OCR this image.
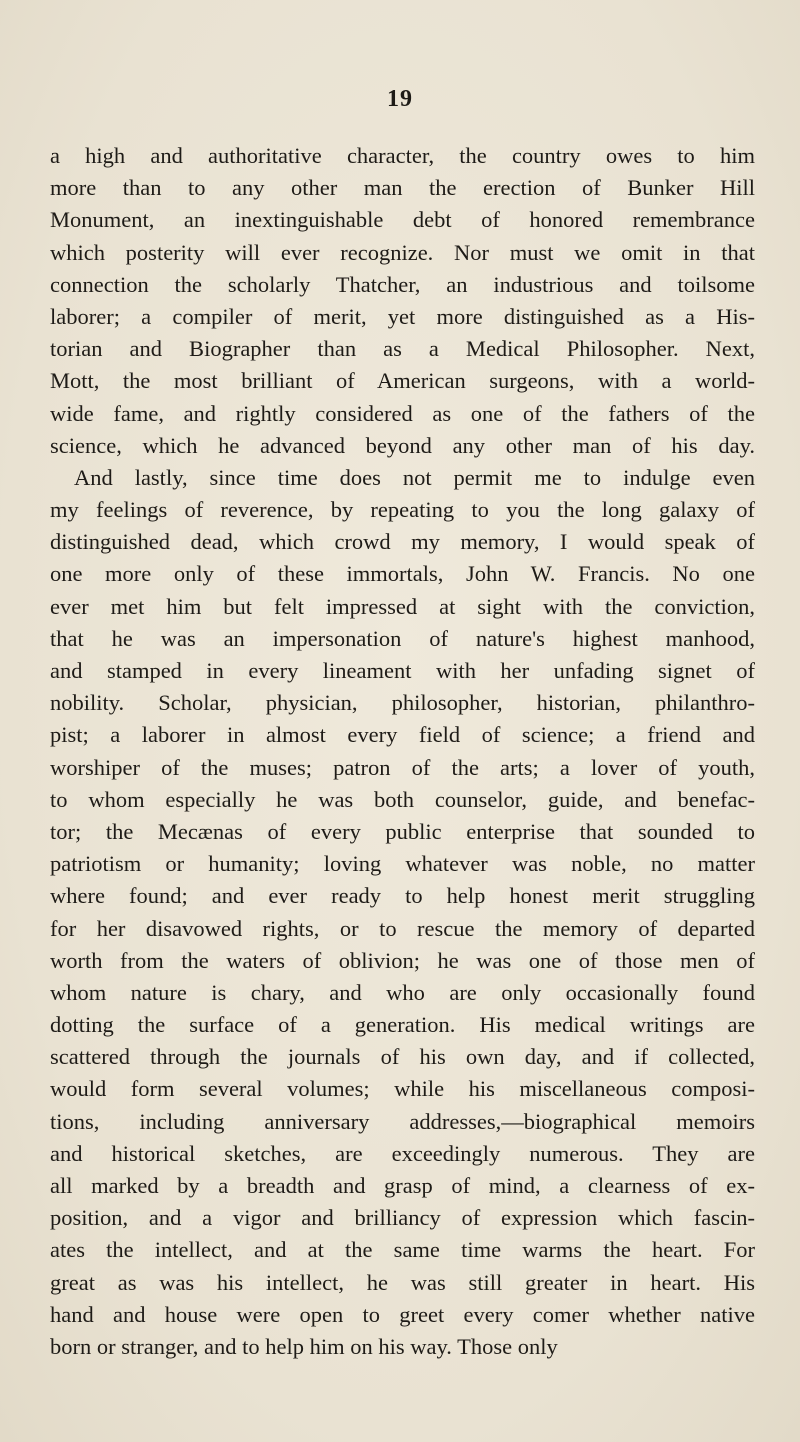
19
a high and authoritative character, the country owes to him
more than to any other man the erection of Bunker Hill
Monument, an inextinguishable debt of honored remembrance
which posterity will ever recognize. Nor must we omit in that
connection the scholarly Thatcher, an industrious and toilsome
laborer; a compiler of merit, yet more distinguished as a His-
torian and Biographer than as a Medical Philosopher. Next,
Mott, the most brilliant of American surgeons, with a world-
wide fame, and rightly considered as one of the fathers of the
science, which he advanced beyond any other man of his day.
And lastly, since time does not permit me to indulge even
my feelings of reverence, by repeating to you the long galaxy of
distinguished dead, which crowd my memory, I would speak of
one more only of these immortals, John W. Francis. No one
ever met him but felt impressed at sight with the conviction,
that he was an impersonation of nature's highest manhood,
and stamped in every lineament with her unfading signet of
nobility. Scholar, physician, philosopher, historian, philanthro-
pist; a laborer in almost every field of science; a friend and
worshiper of the muses; patron of the arts; a lover of youth,
to whom especially he was both counselor, guide, and benefac-
tor; the Mecænas of every public enterprise that sounded to
patriotism or humanity; loving whatever was noble, no matter
where found; and ever ready to help honest merit struggling
for her disavowed rights, or to rescue the memory of departed
worth from the waters of oblivion; he was one of those men of
whom nature is chary, and who are only occasionally found
dotting the surface of a generation. His medical writings are
scattered through the journals of his own day, and if collected,
would form several volumes; while his miscellaneous composi-
tions, including anniversary addresses,—biographical memoirs
and historical sketches, are exceedingly numerous. They are
all marked by a breadth and grasp of mind, a clearness of ex-
position, and a vigor and brilliancy of expression which fascin-
ates the intellect, and at the same time warms the heart. For
great as was his intellect, he was still greater in heart. His
hand and house were open to greet every comer whether native
born or stranger, and to help him on his way. Those only
